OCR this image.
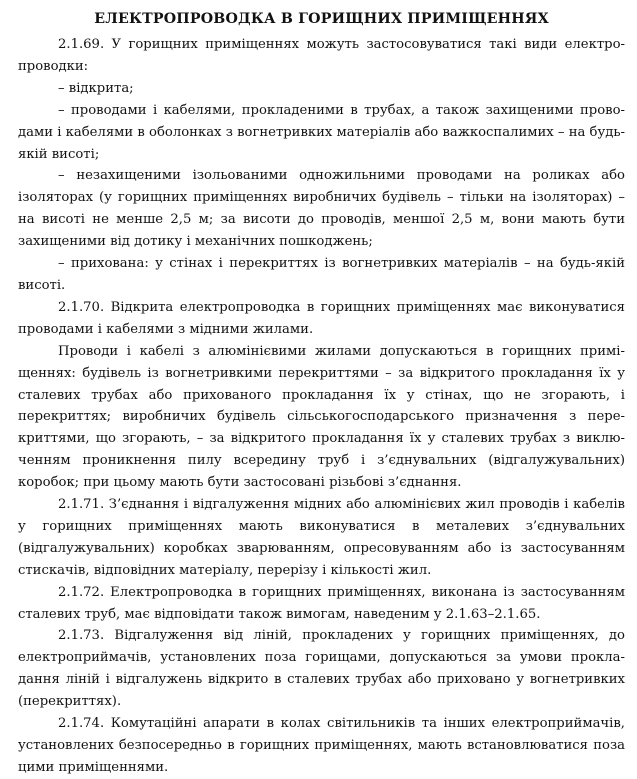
ЕЛЕКТРОПРОВОДКА В ГОРИЩНИХ ПРИМІЩЕННЯХ

2.1.69. У горищних приміщеннях можуть застосовуватися такі види електропроводки:

– відкрита;

– проводами і кабелями, прокладеними в трубах, а також захищеними проводами і кабелями в оболонках з вогнетривких матеріалів або важкоспалимих – на будь-якій висоті;

– незахищеними ізольованими одножильними проводами на роликах або ізоляторах (у горищних приміщеннях виробничих будівель – тільки на ізоляторах) – на висоті не менше 2,5 м; за висоти до проводів, меншої 2,5 м, вони мають бути захищеними від дотику і механічних пошкоджень;

– прихована: у стінах і перекриттях із вогнетривких матеріалів – на будь-якій висоті.

2.1.70. Відкрита електропроводка в горищних приміщеннях має виконуватися проводами і кабелями з мідними жилами.

Проводи і кабелі з алюмінієвими жилами допускаються в горищних приміщеннях: будівель із вогнетривкими перекриттями – за відкритого прокладання їх у сталевих трубах або прихованого прокладання їх у стінах, що не згорають, і перекриттях; виробничих будівель сільськогосподарського призначення з перекриттями, що згорають, – за відкритого прокладання їх у сталевих трубах з виключенням проникнення пилу всередину труб і з’єднувальних (відгалужувальних) коробок; при цьому мають бути застосовані різьбові з’єднання.

2.1.71. З’єднання і відгалуження мідних або алюмінієвих жил проводів і кабелів у горищних приміщеннях мають виконуватися в металевих з’єднувальних (відгалужувальних) коробках зварюванням, опресовуванням або із застосуванням стискачів, відповідних матеріалу, перерізу і кількості жил.

2.1.72. Електропроводка в горищних приміщеннях, виконана із застосуванням сталевих труб, має відповідати також вимогам, наведеним у 2.1.63–2.1.65.

2.1.73. Відгалуження від ліній, прокладених у горищних приміщеннях, до електроприймачів, установлених поза горищами, допускаються за умови прокладання ліній і відгалужень відкрито в сталевих трубах або приховано у вогнетривких (перекриттях).

2.1.74. Комутаційні апарати в колах світильників та інших електроприймачів, установлених безпосередньо в горищних приміщеннях, мають встановлюватися поза цими приміщеннями.
